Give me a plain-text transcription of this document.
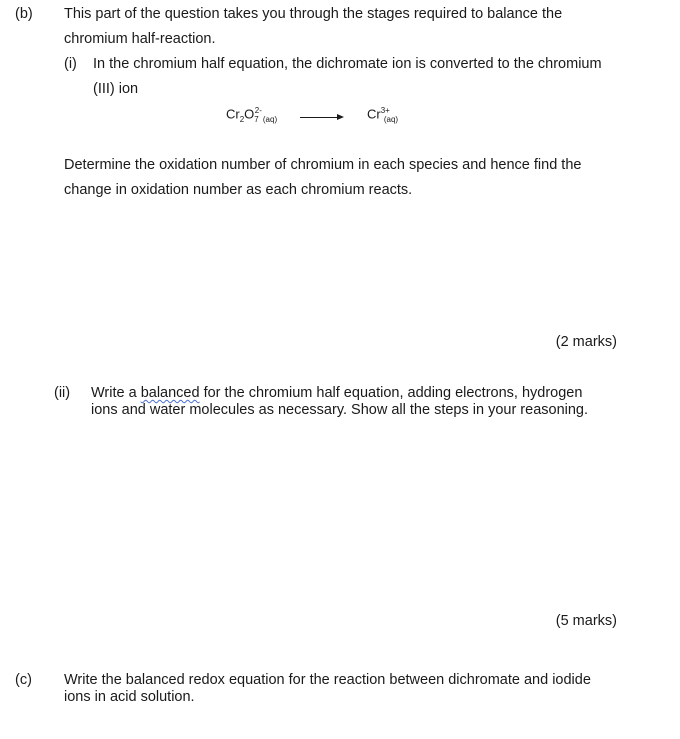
(b) This part of the question takes you through the stages required to balance the
chromium half-reaction.
(i) In the chromium half equation, the dichromate ion is converted to the chromium
(III) ion
$Cr_2O_7^{2-}_{(aq)}$	$Cr^{3+}_{(aq)}$
Determine the oxidation number of chromium in each species and hence find the
change in oxidation number as each chromium reacts.
(2 marks)
(ii) Write a balanced for the chromium half equation, adding electrons, hydrogen
ions and water molecules as necessary. Show all the steps in your reasoning.
(5 marks)
(c) Write the balanced redox equation for the reaction between dichromate and iodide
ions in acid solution.
